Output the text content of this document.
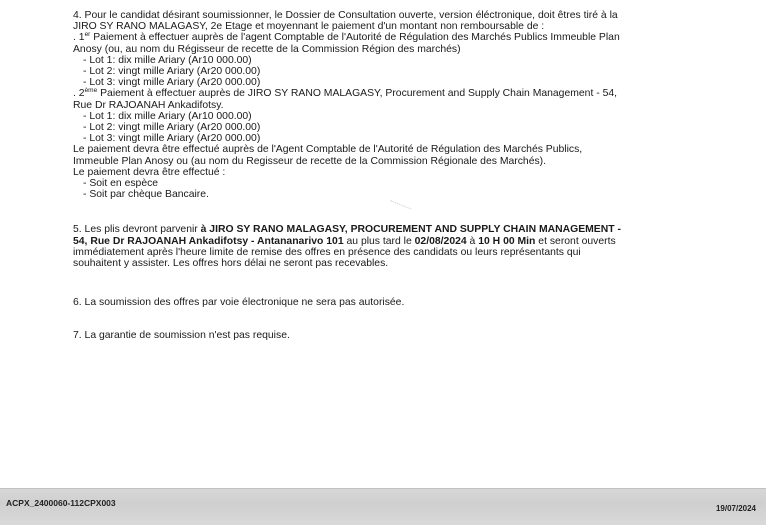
4. Pour le candidat désirant soumissionner, le Dossier de Consultation ouverte, version éléctronique, doit êtres tiré à la

JIRO SY RANO MALAGASY, 2e Etage et moyennant le paiement d'un montant non remboursable de :

. 1er Paiement à effectuer auprès de l'agent Comptable de l'Autorité de Régulation des Marchés Publics Immeuble Plan

Anosy (ou, au nom du Régisseur de recette de la Commission Région des marchés)

- Lot 1: dix mille Ariary (Ar10 000.00)

- Lot 2: vingt mille Ariary (Ar20 000.00)

- Lot 3: vingt mille Ariary (Ar20 000.00)

. 2ème Paiement à effectuer auprès de JIRO SY RANO MALAGASY, Procurement and Supply Chain Management - 54,

Rue Dr RAJOANAH Ankadifotsy.

- Lot 1: dix mille Ariary (Ar10 000.00)

- Lot 2: vingt mille Ariary (Ar20 000.00)

- Lot 3: vingt mille Ariary (Ar20 000.00)

Le paiement devra être effectué auprès de l'Agent Comptable de l'Autorité de Régulation des Marchés Publics,

Immeuble Plan Anosy ou (au nom du Regisseur de recette de la Commission Régionale des Marchés).

Le paiement devra être effectué :

- Soit en espèce

- Soit par chèque Bancaire.

5. Les plis devront parvenir à JIRO SY RANO MALAGASY, PROCUREMENT AND SUPPLY CHAIN MANAGEMENT -

54, Rue Dr RAJOANAH Ankadifotsy - Antananarivo 101 au plus tard le 02/08/2024 à 10 H 00 Min et seront ouverts

immédiatement après l'heure limite de remise des offres en présence des candidats ou leurs représentants qui

souhaitent y assister. Les offres hors délai ne seront pas recevables.

6. La soumission des offres par voie électronique ne sera pas autorisée.

7. La garantie de soumission n'est pas requise.

ACPX_2400060-112CPX003
19/07/2024
